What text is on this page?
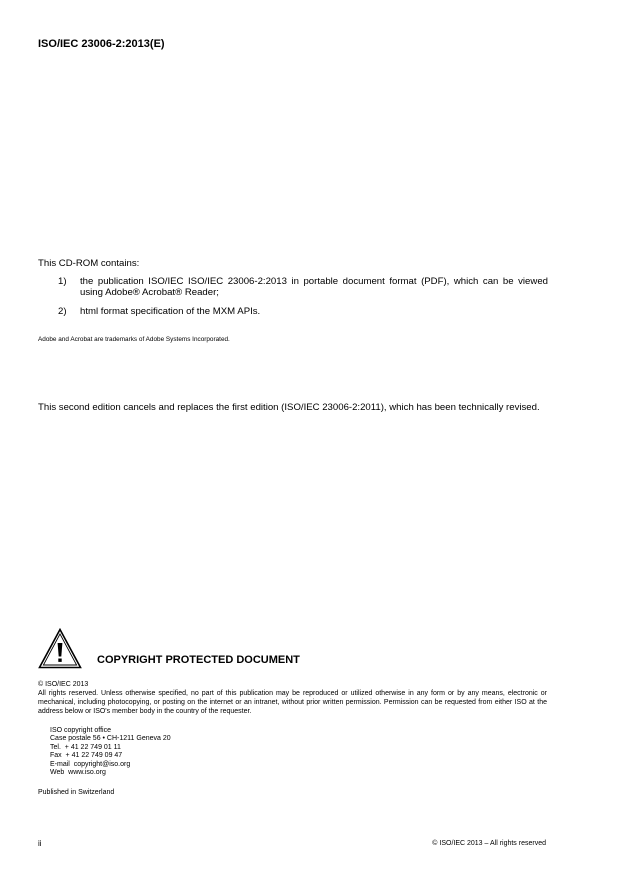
ISO/IEC 23006-2:2013(E)
This CD-ROM contains:
1)	the publication ISO/IEC ISO/IEC 23006-2:2013 in portable document format (PDF), which can be viewed using Adobe® Acrobat® Reader;
2)	html format specification of the MXM APIs.
Adobe and Acrobat are trademarks of Adobe Systems Incorporated.
This second edition cancels and replaces the first edition (ISO/IEC 23006-2:2011), which has been technically revised.
COPYRIGHT PROTECTED DOCUMENT
© ISO/IEC 2013
All rights reserved. Unless otherwise specified, no part of this publication may be reproduced or utilized otherwise in any form or by any means, electronic or mechanical, including photocopying, or posting on the internet or an intranet, without prior written permission. Permission can be requested from either ISO at the address below or ISO's member body in the country of the requester.
ISO copyright office
Case postale 56 • CH-1211 Geneva 20
Tel.  + 41 22 749 01 11
Fax  + 41 22 749 09 47
E-mail  copyright@iso.org
Web  www.iso.org
Published in Switzerland
ii	© ISO/IEC 2013 – All rights reserved
